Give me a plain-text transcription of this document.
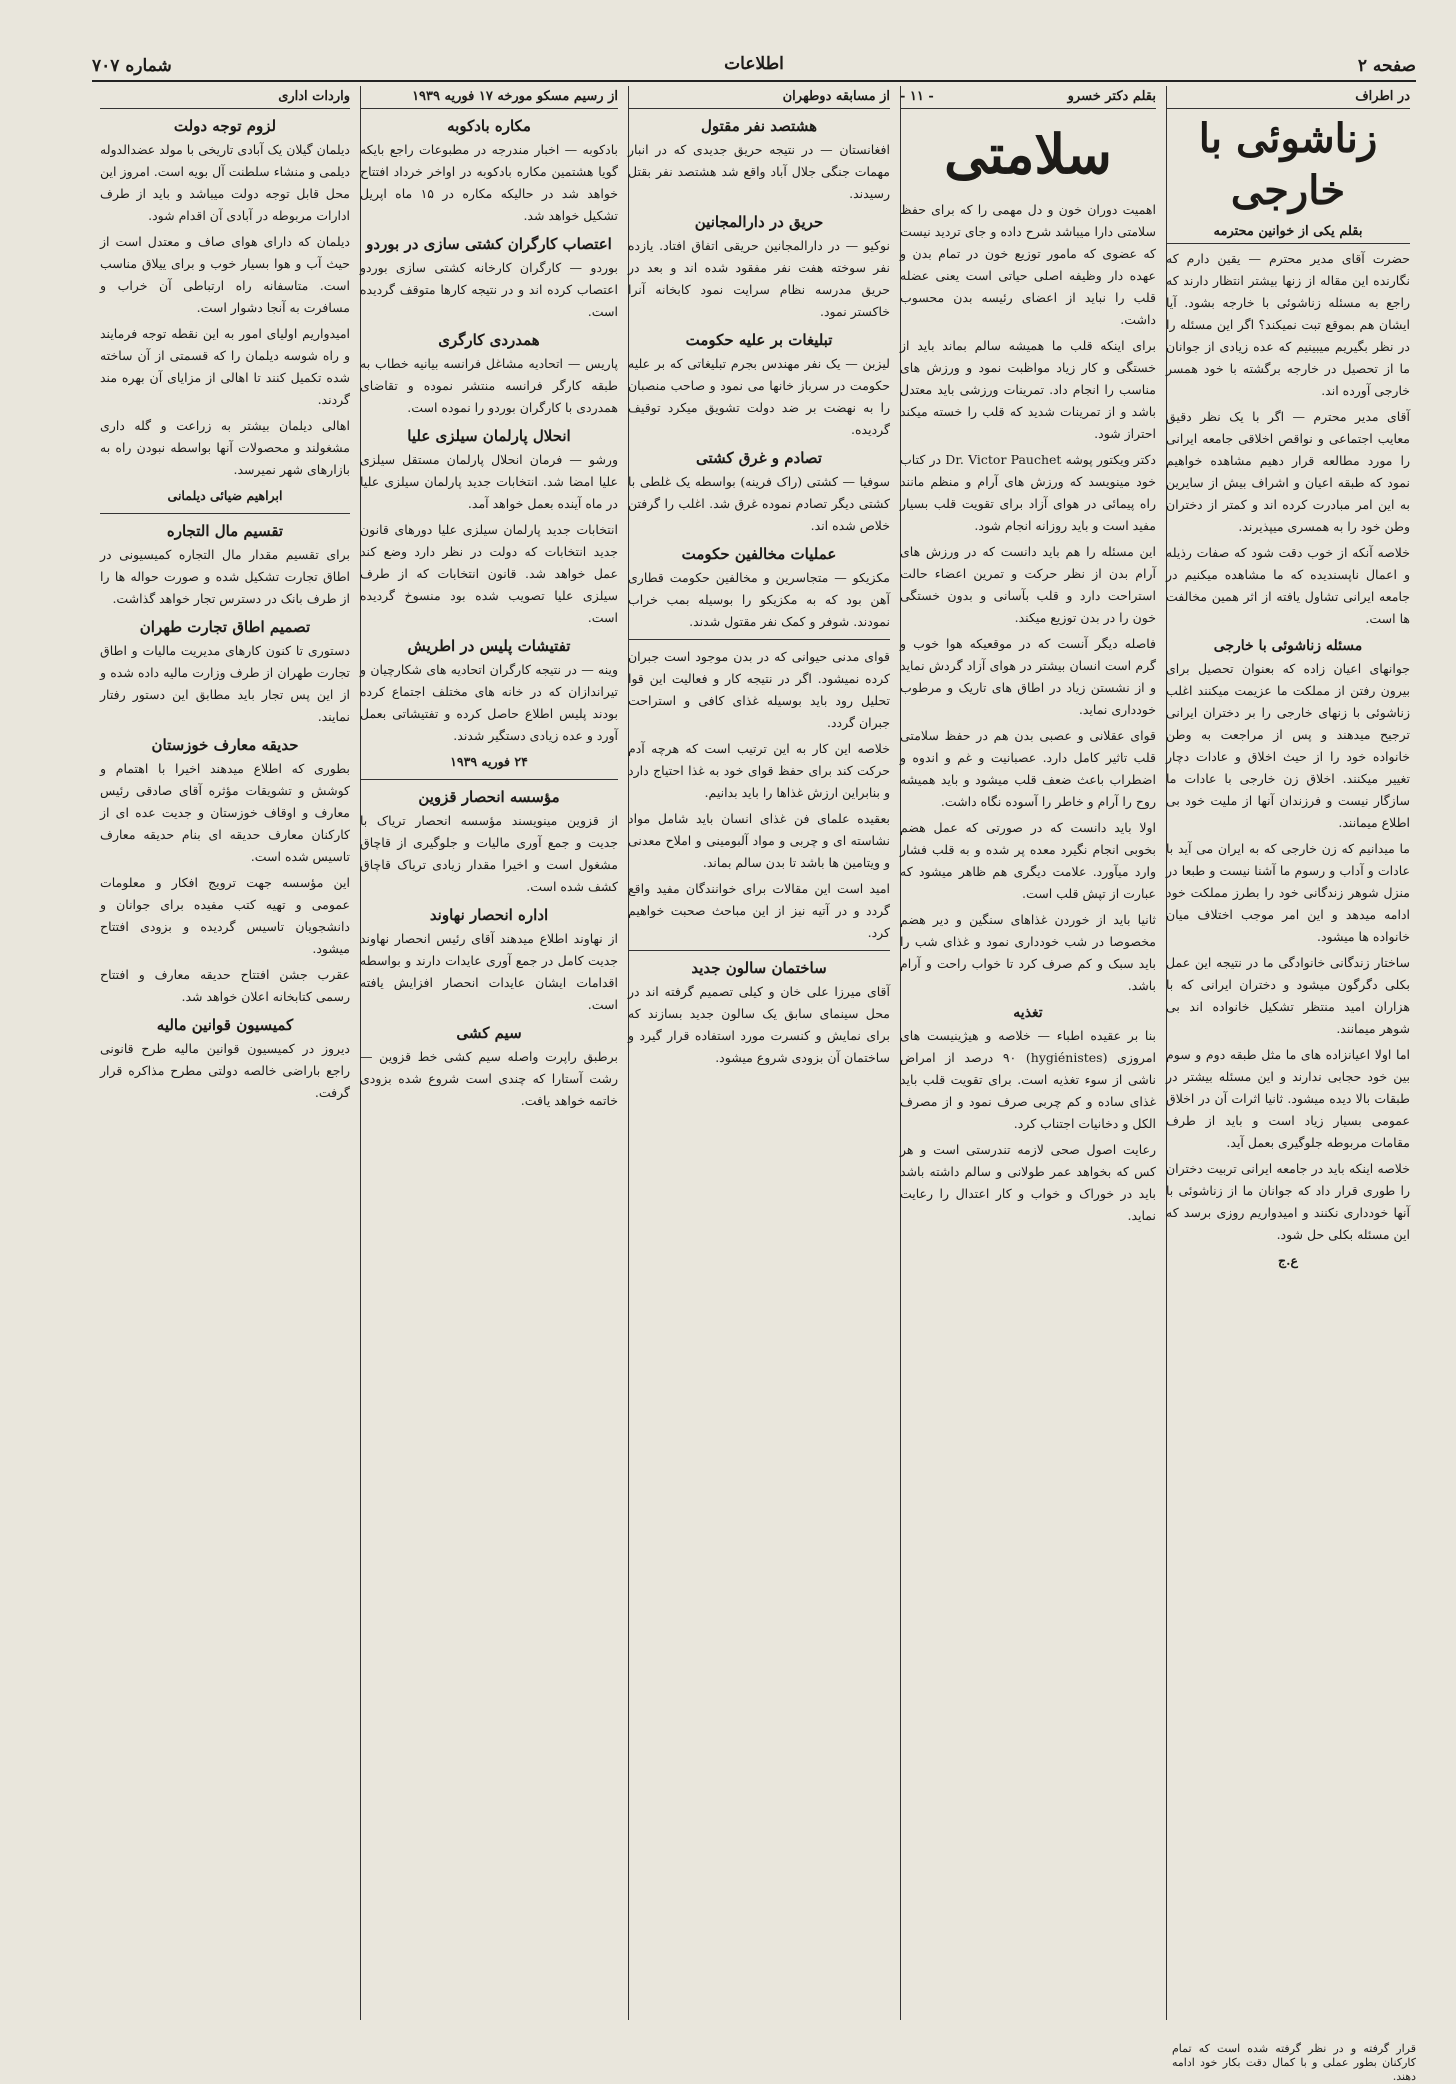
صفحه ۲
اطلاعات
شماره ۷۰۷
در اطراف
زناشوئی با خارجی
بقلم یکی از خوانین محترمه

حضرت آقای مدیر محترم — یقین دارم که نگارنده این مقاله از زنها بیشتر انتظار دارند که راجع به مسئله زناشوئی با خارجه بشود. آیا ایشان هم بموقع تبت نمیکند؟ اگر این مسئله را در نظر بگیریم میبینیم که عده زیادی از جوانان ما از تحصیل در خارجه برگشته با خود همسر خارجی آورده اند.

آقای مدیر محترم — اگر با یک نظر دقیق معایب اجتماعی و نواقص اخلاقی جامعه ایرانی را مورد مطالعه قرار دهیم مشاهده خواهیم نمود که طبقه اعیان و اشراف بیش از سایرین به این امر مبادرت کرده اند و کمتر از دختران وطن خود را به همسری میپذیرند.

خلاصه آنکه از خوب دقت شود که صفات رذیله و اعمال ناپسندیده که ما مشاهده میکنیم در جامعه ایرانی تشاول یافته از اثر همین مخالفت ها است.

مسئله زناشوئی با خارجی

جوانهای اعیان زاده که بعنوان تحصیل برای بیرون رفتن از مملکت ما عزیمت میکنند اغلب زناشوئی با زنهای خارجی را بر دختران ایرانی ترجیح میدهند و پس از مراجعت به وطن خانواده خود را از حیث اخلاق و عادات دچار تغییر میکنند. اخلاق زن خارجی با عادات ما سازگار نیست و فرزندان آنها از ملیت خود بی اطلاع میمانند.

ما میدانیم که زن خارجی که به ایران می آید با عادات و آداب و رسوم ما آشنا نیست و طبعا در منزل شوهر زندگانی خود را بطرز مملکت خود ادامه میدهد و این امر موجب اختلاف میان خانواده ها میشود.

ساختار زندگانی خانوادگی ما در نتیجه این عمل بکلی دگرگون میشود و دختران ایرانی که با هزاران امید منتظر تشکیل خانواده اند بی شوهر میمانند.

اما اولا اعیانزاده های ما مثل طبقه دوم و سوم بین خود حجابی ندارند و این مسئله بیشتر در طبقات بالا دیده میشود. ثانیا اثرات آن در اخلاق عمومی بسیار زیاد است و باید از طرف مقامات مربوطه جلوگیری بعمل آید.

خلاصه اینکه باید در جامعه ایرانی تربیت دختران را طوری قرار داد که جوانان ما از زناشوئی با آنها خودداری نکنند و امیدواریم روزی برسد که این مسئله بکلی حل شود.

ع.ج
بقلم دکتر خسرو
- ۱۱ -
سلامتی

اهمیت دوران خون و دل مهمی را که برای حفظ سلامتی دارا میباشد شرح داده و جای تردید نیست که عضوی که مامور توزیع خون در تمام بدن و عهده دار وظیفه اصلی حیاتی است یعنی عضله قلب را نباید از اعضای رئیسه بدن محسوب داشت.

برای اینکه قلب ما همیشه سالم بماند باید از خستگی و کار زیاد مواظبت نمود و ورزش های مناسب را انجام داد. تمرینات ورزشی باید معتدل باشد و از تمرینات شدید که قلب را خسته میکند احتراز شود.

دکتر ویکتور پوشه Dr. Victor Pauchet در کتاب خود مینویسد که ورزش های آرام و منظم مانند راه پیمائی در هوای آزاد برای تقویت قلب بسیار مفید است و باید روزانه انجام شود.

این مسئله را هم باید دانست که در ورزش های آرام بدن از نظر حرکت و تمرین اعضاء حالت استراحت دارد و قلب بآسانی و بدون خستگی خون را در بدن توزیع میکند.

فاصله دیگر آنست که در موقعیکه هوا خوب و گرم است انسان بیشتر در هوای آزاد گردش نماید و از نشستن زیاد در اطاق های تاریک و مرطوب خودداری نماید.

قوای عقلانی و عصبی بدن هم در حفظ سلامتی قلب تاثیر کامل دارد. عصبانیت و غم و اندوه و اضطراب باعث ضعف قلب میشود و باید همیشه روح را آرام و خاطر را آسوده نگاه داشت.

اولا باید دانست که در صورتی که عمل هضم بخوبی انجام نگیرد معده پر شده و به قلب فشار وارد میآورد. علامت دیگری هم ظاهر میشود که عبارت از تپش قلب است.

ثانیا باید از خوردن غذاهای سنگین و دیر هضم مخصوصا در شب خودداری نمود و غذای شب را باید سبک و کم صرف کرد تا خواب راحت و آرام باشد.

تغذیه

بنا بر عقیده اطباء — خلاصه و هیژینیست های امروزی (hygiénistes) ۹۰ درصد از امراض ناشی از سوء تغذیه است. برای تقویت قلب باید غذای ساده و کم چربی صرف نمود و از مصرف الکل و دخانیات اجتناب کرد.

رعایت اصول صحی لازمه تندرستی است و هر کس که بخواهد عمر طولانی و سالم داشته باشد باید در خوراک و خواب و کار اعتدال را رعایت نماید.

از مسابقه دوطهران
هشتصد نفر مقتول

افغانستان — در نتیجه حریق جدیدی که در انبار مهمات جنگی جلال آباد واقع شد هشتصد نفر بقتل رسیدند.

حریق در دارالمجانین

نوکیو — در دارالمجانین حریقی اتفاق افتاد. یازده نفر سوخته هفت نفر مفقود شده اند و بعد در حریق مدرسه نظام سرایت نمود کابخانه آنرا خاکستر نمود.

تبلیغات بر علیه حکومت

لیزبن — یک نفر مهندس بجرم تبلیغاتی که بر علیه حکومت در سرباز خانها می نمود و صاحب منصبان را به نهضت بر ضد دولت تشویق میکرد توقیف گردیده.

تصادم و غرق کشتی

سوفیا — کشتی (راک فرینه) بواسطه یک غلطی با کشتی دیگر تصادم نموده غرق شد. اغلب را گرفتن خلاص شده اند.

عملیات مخالفین حکومت

مکزیکو — متجاسرین و مخالفین حکومت قطاری آهن بود که به مکزیکو را بوسیله بمب خراب نمودند. شوفر و کمک نفر مقتول شدند.

قوای مدنی حیوانی که در بدن موجود است جبران کرده نمیشود. اگر در نتیجه کار و فعالیت این قوا تحلیل رود باید بوسیله غذای کافی و استراحت جبران گردد.

خلاصه این کار به این ترتیب است که هرچه آدم حرکت کند برای حفظ قوای خود به غذا احتیاج دارد و بنابراین ارزش غذاها را باید بدانیم.

بعقیده علمای فن غذای انسان باید شامل مواد نشاسته ای و چربی و مواد آلبومینی و املاح معدنی و ویتامین ها باشد تا بدن سالم بماند.

امید است این مقالات برای خوانندگان مفید واقع گردد و در آتیه نیز از این مباحث صحبت خواهیم کرد.

ساختمان سالون جدید

آقای میرزا علی خان و کیلی تصمیم گرفته اند در محل سینمای سابق یک سالون جدید بسازند که برای نمایش و کنسرت مورد استفاده قرار گیرد و ساختمان آن بزودی شروع میشود.

از رسیم مسکو مورخه ۱۷ فوریه ۱۹۳۹
مکاره بادکوبه

بادکوبه — اخبار مندرجه در مطبوعات راجع بایکه گویا هشتمین مکاره بادکوبه در اواخر خرداد افتتاح خواهد شد در حالیکه مکاره در ۱۵ ماه اپریل تشکیل خواهد شد.

اعتصاب کارگران کشتی سازی در بوردو

بوردو — کارگران کارخانه کشتی سازی بوردو اعتصاب کرده اند و در نتیجه کارها متوقف گردیده است.

همدردی کارگری

پاریس — اتحادیه مشاغل فرانسه بیانیه خطاب به طبقه کارگر فرانسه منتشر نموده و تقاضای همدردی با کارگران بوردو را نموده است.

انحلال پارلمان سیلزی علیا

ورشو — فرمان انحلال پارلمان مستقل سیلزی علیا امضا شد. انتخابات جدید پارلمان سیلزی علیا در ماه آینده بعمل خواهد آمد.

انتخابات جدید پارلمان سیلزی علیا دورهای قانون جدید انتخابات که دولت در نظر دارد وضع کند عمل خواهد شد. قانون انتخابات که از طرف سیلزی علیا تصویب شده بود منسوخ گردیده است.

تفتیشات پلیس در اطریش

وینه — در نتیجه کارگران اتحادیه های شکارچیان و تیراندازان که در خانه های مختلف اجتماع کرده بودند پلیس اطلاع حاصل کرده و تفتیشاتی بعمل آورد و عده زیادی دستگیر شدند.

۲۴ فوریه ۱۹۳۹
مؤسسه انحصار قزوین

از قزوین مینویسند مؤسسه انحصار تریاک با جدیت و جمع آوری مالیات و جلوگیری از قاچاق مشغول است و اخیرا مقدار زیادی تریاک قاچاق کشف شده است.

اداره انحصار نهاوند

از نهاوند اطلاع میدهند آقای رئیس انحصار نهاوند جدیت کامل در جمع آوری عایدات دارند و بواسطه اقدامات ایشان عایدات انحصار افزایش یافته است.

سیم کشی

برطبق راپرت واصله سیم کشی خط قزوین — رشت آستارا که چندی است شروع شده بزودی خاتمه خواهد یافت.

واردات اداری
لزوم توجه دولت

دیلمان گیلان یک آبادی تاریخی با مولد عضدالدوله دیلمی و منشاء سلطنت آل بویه است. امروز این محل قابل توجه دولت میباشد و باید از طرف ادارات مربوطه در آبادی آن اقدام شود.

دیلمان که دارای هوای صاف و معتدل است از حیث آب و هوا بسیار خوب و برای ییلاق مناسب است. متاسفانه راه ارتباطی آن خراب و مسافرت به آنجا دشوار است.

امیدواریم اولیای امور به این نقطه توجه فرمایند و راه شوسه دیلمان را که قسمتی از آن ساخته شده تکمیل کنند تا اهالی از مزایای آن بهره مند گردند.

اهالی دیلمان بیشتر به زراعت و گله داری مشغولند و محصولات آنها بواسطه نبودن راه به بازارهای شهر نمیرسد.

ابراهیم ضیائی دیلمانی
تقسیم مال التجاره

برای تقسیم مقدار مال التجاره کمیسیونی در اطاق تجارت تشکیل شده و صورت حواله ها را از طرف بانک در دسترس تجار خواهد گذاشت.

تصمیم اطاق تجارت طهران

دستوری تا کنون کارهای مدیریت مالیات و اطاق تجارت طهران از طرف وزارت مالیه داده شده و از این پس تجار باید مطابق این دستور رفتار نمایند.

حدیقه معارف خوزستان

بطوری که اطلاع میدهند اخیرا با اهتمام و کوشش و تشویقات مؤثره آقای صادقی رئیس معارف و اوقاف خوزستان و جدیت عده ای از کارکنان معارف حدیقه ای بنام حدیقه معارف تاسیس شده است.

این مؤسسه جهت ترویج افکار و معلومات عمومی و تهیه کتب مفیده برای جوانان و دانشجویان تاسیس گردیده و بزودی افتتاح میشود.

عقرب جشن افتتاح حدیقه معارف و افتتاح رسمی کتابخانه اعلان خواهد شد.

کمیسیون قوانین مالیه

دیروز در کمیسیون قوانین مالیه طرح قانونی راجع باراضی خالصه دولتی مطرح مذاکره قرار گرفت.

قرار گرفته و در نظر گرفته شده است که تمام کارکنان بطور عملی و با کمال دقت بکار خود ادامه دهند.
